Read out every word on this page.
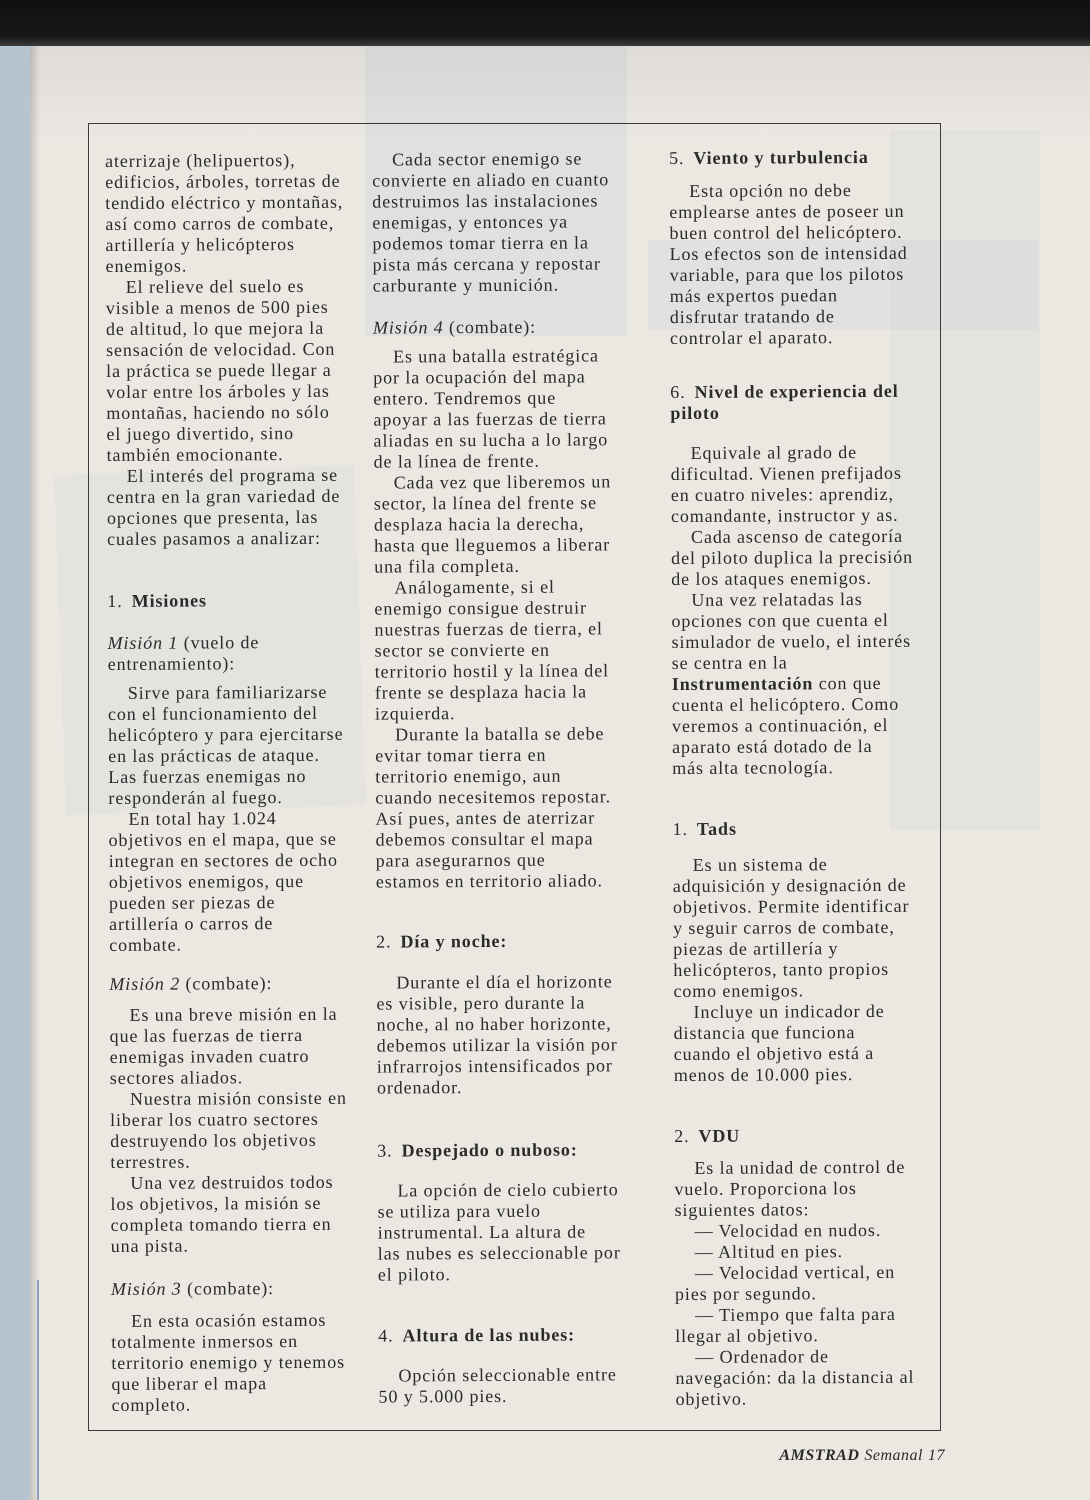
aterrizaje (helipuertos),
edificios, árboles, torretas de
tendido eléctrico y montañas,
así como carros de combate,
artillería y helicópteros
enemigos.

El relieve del suelo es
visible a menos de 500 pies
de altitud, lo que mejora la
sensación de velocidad. Con
la práctica se puede llegar a
volar entre los árboles y las
montañas, haciendo no sólo
el juego divertido, sino
también emocionante.

El interés del programa se
centra en la gran variedad de
opciones que presenta, las
cuales pasamos a analizar:

1. Misiones

Misión 1 (vuelo de
entrenamiento):

Sirve para familiarizarse
con el funcionamiento del
helicóptero y para ejercitarse
en las prácticas de ataque.
Las fuerzas enemigas no
responderán al fuego.

En total hay 1.024
objetivos en el mapa, que se
integran en sectores de ocho
objetivos enemigos, que
pueden ser piezas de
artillería o carros de
combate.

Misión 2 (combate):

Es una breve misión en la
que las fuerzas de tierra
enemigas invaden cuatro
sectores aliados.

Nuestra misión consiste en
liberar los cuatro sectores
destruyendo los objetivos
terrestres.

Una vez destruidos todos
los objetivos, la misión se
completa tomando tierra en
una pista.

Misión 3 (combate):

En esta ocasión estamos
totalmente inmersos en
territorio enemigo y tenemos
que liberar el mapa
completo.

Cada sector enemigo se
convierte en aliado en cuanto
destruimos las instalaciones
enemigas, y entonces ya
podemos tomar tierra en la
pista más cercana y repostar
carburante y munición.

Misión 4 (combate):

Es una batalla estratégica
por la ocupación del mapa
entero. Tendremos que
apoyar a las fuerzas de tierra
aliadas en su lucha a lo largo
de la línea de frente.

Cada vez que liberemos un
sector, la línea del frente se
desplaza hacia la derecha,
hasta que lleguemos a liberar
una fila completa.

Análogamente, si el
enemigo consigue destruir
nuestras fuerzas de tierra, el
sector se convierte en
territorio hostil y la línea del
frente se desplaza hacia la
izquierda.

Durante la batalla se debe
evitar tomar tierra en
territorio enemigo, aun
cuando necesitemos repostar.
Así pues, antes de aterrizar
debemos consultar el mapa
para asegurarnos que
estamos en territorio aliado.

2. Día y noche:

Durante el día el horizonte
es visible, pero durante la
noche, al no haber horizonte,
debemos utilizar la visión por
infrarrojos intensificados por
ordenador.

3. Despejado o nuboso:

La opción de cielo cubierto
se utiliza para vuelo
instrumental. La altura de
las nubes es seleccionable por
el piloto.

4. Altura de las nubes:

Opción seleccionable entre
50 y 5.000 pies.

5. Viento y turbulencia

Esta opción no debe
emplearse antes de poseer un
buen control del helicóptero.
Los efectos son de intensidad
variable, para que los pilotos
más expertos puedan
disfrutar tratando de
controlar el aparato.

6. Nivel de experiencia del
piloto

Equivale al grado de
dificultad. Vienen prefijados
en cuatro niveles: aprendiz,
comandante, instructor y as.

Cada ascenso de categoría
del piloto duplica la precisión
de los ataques enemigos.

Una vez relatadas las
opciones con que cuenta el
simulador de vuelo, el interés
se centra en la
Instrumentación con que
cuenta el helicóptero. Como
veremos a continuación, el
aparato está dotado de la
más alta tecnología.

1. Tads

Es un sistema de
adquisición y designación de
objetivos. Permite identificar
y seguir carros de combate,
piezas de artillería y
helicópteros, tanto propios
como enemigos.

Incluye un indicador de
distancia que funciona
cuando el objetivo está a
menos de 10.000 pies.

2. VDU

Es la unidad de control de
vuelo. Proporciona los
siguientes datos:

— Velocidad en nudos.

— Altitud en pies.

— Velocidad vertical, en
pies por segundo.

— Tiempo que falta para
llegar al objetivo.

— Ordenador de
navegación: da la distancia al
objetivo.

AMSTRAD Semanal 17
